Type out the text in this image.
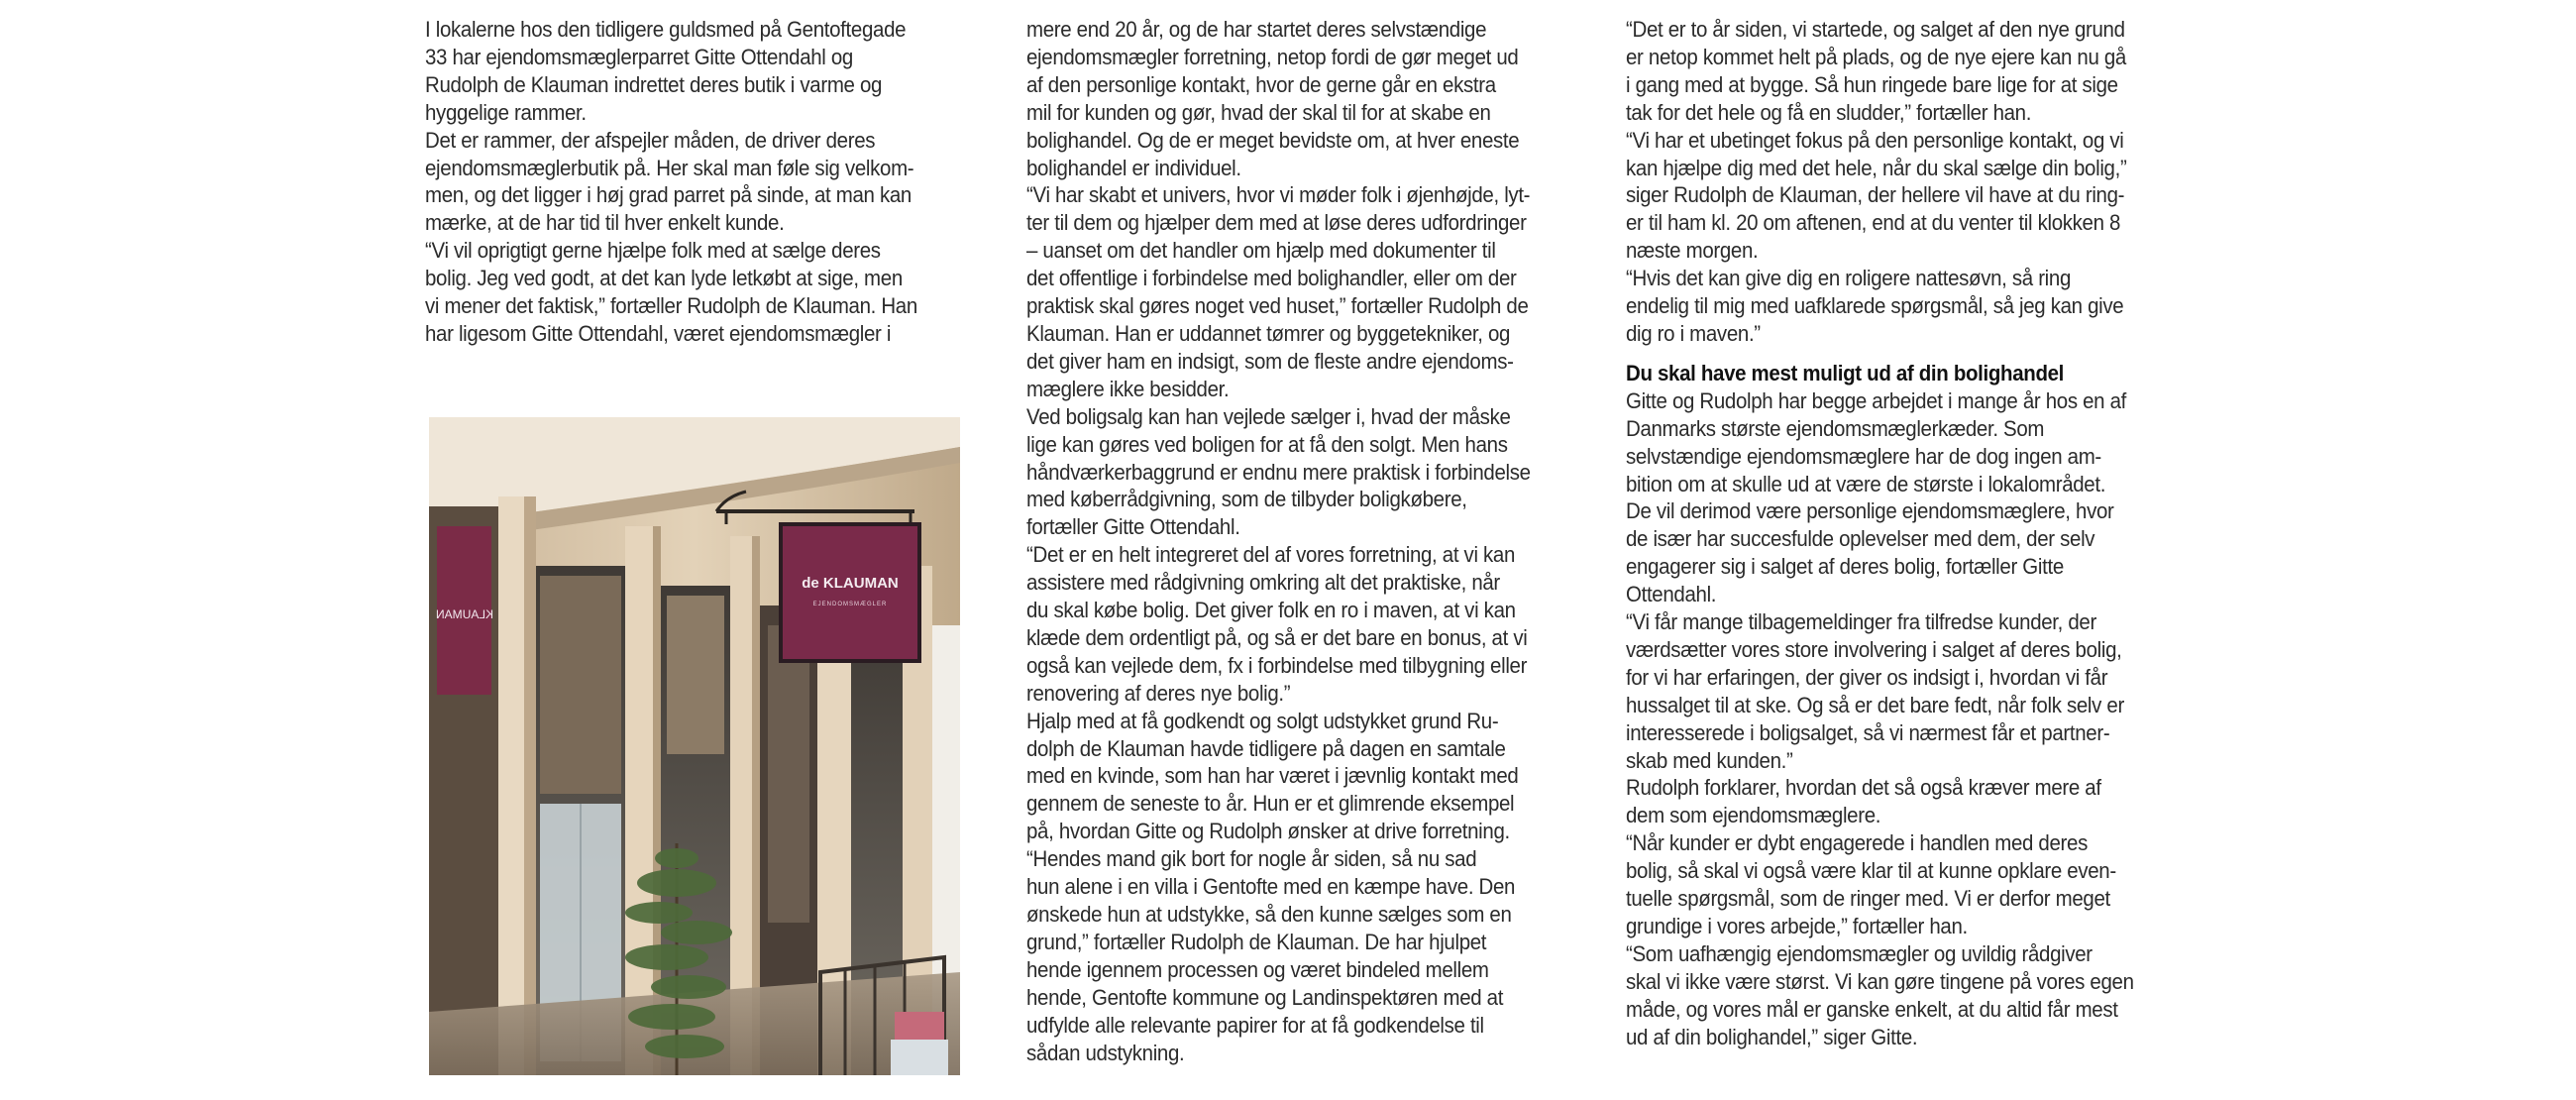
I lokalerne hos den tidligere guldsmed på Gentoftegade
33 har ejendomsmæglerparret Gitte Ottendahl og
Rudolph de Klauman indrettet deres butik i varme og
hyggelige rammer.
Det er rammer, der afspejler måden, de driver deres
ejendomsmæglerbutik på. Her skal man føle sig velkom-
men, og det ligger i høj grad parret på sinde, at man kan
mærke, at de har tid til hver enkelt kunde.
“Vi vil oprigtigt gerne hjælpe folk med at sælge deres
bolig. Jeg ved godt, at det kan lyde letkøbt at sige, men
vi mener det faktisk,” fortæller Rudolph de Klauman. Han
har ligesom Gitte Ottendahl, været ejendomsmægler i
mere end 20 år, og de har startet deres selvstændige
ejendomsmægler forretning, netop fordi de gør meget ud
af den personlige kontakt, hvor de gerne går en ekstra
mil for kunden og gør, hvad der skal til for at skabe en
bolighandel. Og de er meget bevidste om, at hver eneste
bolighandel er individuel.
“Vi har skabt et univers, hvor vi møder folk i øjenhøjde, lyt-
ter til dem og hjælper dem med at løse deres udfordringer
– uanset om det handler om hjælp med dokumenter til
det offentlige i forbindelse med bolighandler, eller om der
praktisk skal gøres noget ved huset,” fortæller Rudolph de
Klauman. Han er uddannet tømrer og byggetekniker, og
det giver ham en indsigt, som de fleste andre ejendoms-
mæglere ikke besidder.
Ved boligsalg kan han vejlede sælger i, hvad der måske
lige kan gøres ved boligen for at få den solgt. Men hans
håndværkerbaggrund er endnu mere praktisk i forbindelse
med køberrådgivning, som de tilbyder boligkøbere,
fortæller Gitte Ottendahl.
“Det er en helt integreret del af vores forretning, at vi kan
assistere med rådgivning omkring alt det praktiske, når
du skal købe bolig. Det giver folk en ro i maven, at vi kan
klæde dem ordentligt på, og så er det bare en bonus, at vi
også kan vejlede dem, fx i forbindelse med tilbygning eller
renovering af deres nye bolig.”
Hjalp med at få godkendt og solgt udstykket grund Ru-
dolph de Klauman havde tidligere på dagen en samtale
med en kvinde, som han har været i jævnlig kontakt med
gennem de seneste to år. Hun er et glimrende eksempel
på, hvordan Gitte og Rudolph ønsker at drive forretning.
“Hendes mand gik bort for nogle år siden, så nu sad
hun alene i en villa i Gentofte med en kæmpe have. Den
ønskede hun at udstykke, så den kunne sælges som en
grund,” fortæller Rudolph de Klauman. De har hjulpet
hende igennem processen og været bindeled mellem
hende, Gentofte kommune og Landinspektøren med at
udfylde alle relevante papirer for at få godkendelse til
sådan udstykning.
“Det er to år siden, vi startede, og salget af den nye grund
er netop kommet helt på plads, og de nye ejere kan nu gå
i gang med at bygge. Så hun ringede bare lige for at sige
tak for det hele og få en sludder,” fortæller han.
“Vi har et ubetinget fokus på den personlige kontakt, og vi
kan hjælpe dig med det hele, når du skal sælge din bolig,”
siger Rudolph de Klauman, der hellere vil have at du ring-
er til ham kl. 20 om aftenen, end at du venter til klokken 8
næste morgen.
“Hvis det kan give dig en roligere nattesøvn, så ring
endelig til mig med uafklarede spørgsmål, så jeg kan give
dig ro i maven.”
Du skal have mest muligt ud af din bolighandel
Gitte og Rudolph har begge arbejdet i mange år hos en af
Danmarks største ejendomsmæglerkæder. Som
selvstændige ejendomsmæglere har de dog ingen am-
bition om at skulle ud at være de største i lokalområdet.
De vil derimod være personlige ejendomsmæglere, hvor
de især har succesfulde oplevelser med dem, der selv
engagerer sig i salget af deres bolig, fortæller Gitte
Ottendahl.
“Vi får mange tilbagemeldinger fra tilfredse kunder, der
værdsætter vores store involvering i salget af deres bolig,
for vi har erfaringen, der giver os indsigt i, hvordan vi får
hussalget til at ske. Og så er det bare fedt, når folk selv er
interesserede i boligsalget, så vi nærmest får et partner-
skab med kunden.”
Rudolph forklarer, hvordan det så også kræver mere af
dem som ejendomsmæglere.
“Når kunder er dybt engagerede i handlen med deres
bolig, så skal vi også være klar til at kunne opklare even-
tuelle spørgsmål, som de ringer med. Vi er derfor meget
grundige i vores arbejde,” fortæller han.
“Som uafhængig ejendomsmægler og uvildig rådgiver
skal vi ikke være størst. Vi kan gøre tingene på vores egen
måde, og vores mål er ganske enkelt, at du altid får mest
ud af din bolighandel,” siger Gitte.
KLAUMAN
de KLAUMAN
EJENDOMSMÆGLER
